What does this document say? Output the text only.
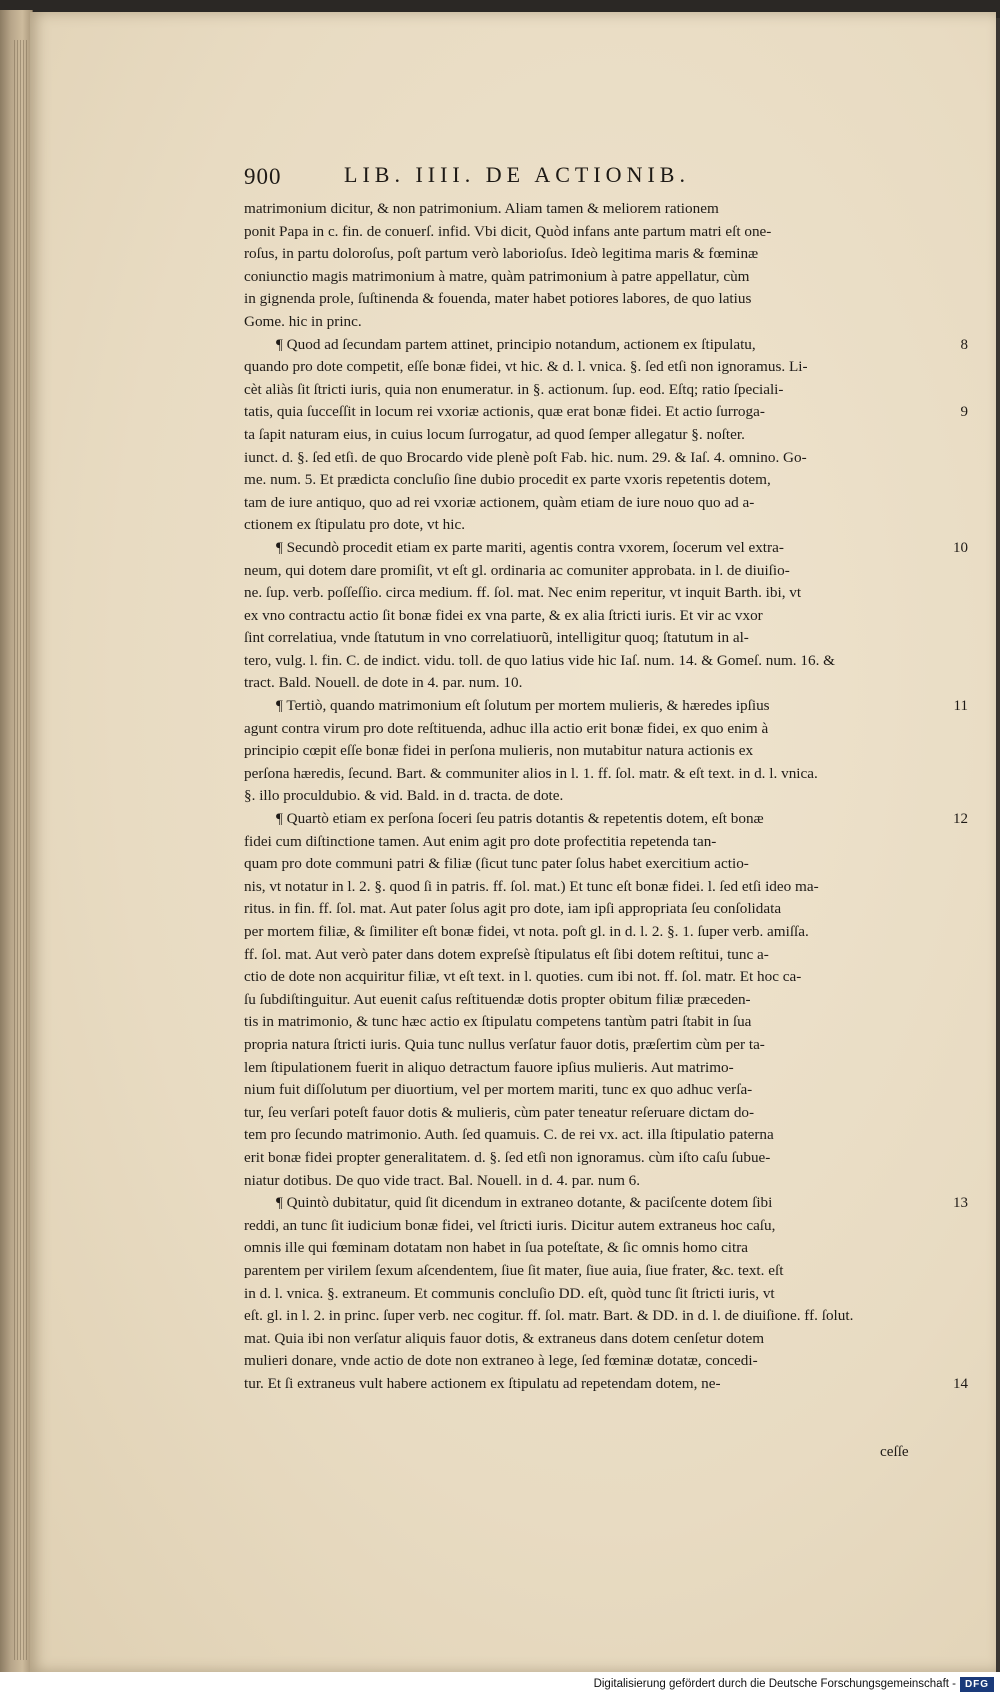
900	LIB. IIII. DE ACTIONIB.
matrimonium dicitur, & non patrimonium. Aliam tamen & meliorem rationem
ponit Papa in c. fin. de conuerſ. infid. Vbi dicit, Quòd infans ante partum matri eſt one-
roſus, in partu doloroſus, poſt partum verò laborioſus. Ideò legitima maris & fœminæ
coniunctio magis matrimonium à matre, quàm patrimonium à patre appellatur, cùm
in gignenda prole, ſuſtinenda & fouenda, mater habet potiores labores, de quo latius
Gome. hic in princ.
¶ Quod ad ſecundam partem attinet, principio notandum, actionem ex ſtipulatu,	8
quando pro dote competit, eſſe bonæ fidei, vt hic. & d. l. vnica. §. ſed etſi non ignoramus. Li-
cèt aliàs ſit ſtricti iuris, quia non enumeratur. in §. actionum. ſup. eod. Eſtq; ratio ſpeciali-
tatis, quia ſucceſſit in locum rei vxoriæ actionis, quæ erat bonæ fidei. Et actio ſurroga-	9
ta ſapit naturam eius, in cuius locum ſurrogatur, ad quod ſemper allegatur §. noſter.
iunct. d. §. ſed etſi. de quo Brocardo vide plenè poſt Fab. hic. num. 29. & Iaſ. 4. omnino. Go-
me. num. 5. Et prædicta concluſio ſine dubio procedit ex parte vxoris repetentis dotem,
tam de iure antiquo, quo ad rei vxoriæ actionem, quàm etiam de iure nouo quo ad a-
ctionem ex ſtipulatu pro dote, vt hic.
¶ Secundò procedit etiam ex parte mariti, agentis contra vxorem, ſocerum vel extra-	10
neum, qui dotem dare promiſit, vt eſt gl. ordinaria ac comuniter approbata. in l. de diuiſio-
ne. ſup. verb. poſſeſſio. circa medium. ff. ſol. mat. Nec enim reperitur, vt inquit Barth. ibi, vt
ex vno contractu actio ſit bonæ fidei ex vna parte, & ex alia ſtricti iuris. Et vir ac vxor
ſint correlatiua, vnde ſtatutum in vno correlatiuorũ, intelligitur quoq; ſtatutum in al-
tero, vulg. l. fin. C. de indict. vidu. toll. de quo latius vide hic Iaſ. num. 14. & Gomeſ. num. 16. &
tract. Bald. Nouell. de dote in 4. par. num. 10.
¶ Tertiò, quando matrimonium eſt ſolutum per mortem mulieris, & hæredes ipſius	11
agunt contra virum pro dote reſtituenda, adhuc illa actio erit bonæ fidei, ex quo enim à
principio cœpit eſſe bonæ fidei in perſona mulieris, non mutabitur natura actionis ex
perſona hæredis, ſecund. Bart. & communiter alios in l. 1. ff. ſol. matr. & eſt text. in d. l. vnica.
§. illo proculdubio. & vid. Bald. in d. tracta. de dote.
¶ Quartò etiam ex perſona ſoceri ſeu patris dotantis & repetentis dotem, eſt bonæ	12
fidei cum diſtinctione tamen. Aut enim agit pro dote profectitia repetenda tan-
quam pro dote communi patri & filiæ (ſicut tunc pater ſolus habet exercitium actio-
nis, vt notatur in l. 2. §. quod ſi in patris. ff. ſol. mat.) Et tunc eſt bonæ fidei. l. ſed etſi ideo ma-
ritus. in fin. ff. ſol. mat. Aut pater ſolus agit pro dote, iam ipſi appropriata ſeu conſolidata
per mortem filiæ, & ſimiliter eſt bonæ fidei, vt nota. poſt gl. in d. l. 2. §. 1. ſuper verb. amiſſa.
ff. ſol. mat. Aut verò pater dans dotem expreſsè ſtipulatus eſt ſibi dotem reſtitui, tunc a-
ctio de dote non acquiritur filiæ, vt eſt text. in l. quoties. cum ibi not. ff. ſol. matr. Et hoc ca-
ſu ſubdiſtinguitur. Aut euenit caſus reſtituendæ dotis propter obitum filiæ præceden-
tis in matrimonio, & tunc hæc actio ex ſtipulatu competens tantùm patri ſtabit in ſua
propria natura ſtricti iuris. Quia tunc nullus verſatur fauor dotis, præſertim cùm per ta-
lem ſtipulationem fuerit in aliquo detractum fauore ipſius mulieris. Aut matrimo-
nium fuit diſſolutum per diuortium, vel per mortem mariti, tunc ex quo adhuc verſa-
tur, ſeu verſari poteſt fauor dotis & mulieris, cùm pater teneatur reſeruare dictam do-
tem pro ſecundo matrimonio. Auth. ſed quamuis. C. de rei vx. act. illa ſtipulatio paterna
erit bonæ fidei propter generalitatem. d. §. ſed etſi non ignoramus. cùm iſto caſu ſubue-
niatur dotibus. De quo vide tract. Bal. Nouell. in d. 4. par. num 6.
¶ Quintò dubitatur, quid ſit dicendum in extraneo dotante, & paciſcente dotem ſibi	13
reddi, an tunc ſit iudicium bonæ fidei, vel ſtricti iuris. Dicitur autem extraneus hoc caſu,
omnis ille qui fœminam dotatam non habet in ſua poteſtate, & ſic omnis homo citra
parentem per virilem ſexum aſcendentem, ſiue ſit mater, ſiue auia, ſiue frater, &c. text. eſt
in d. l. vnica. §. extraneum. Et communis concluſio DD. eſt, quòd tunc ſit ſtricti iuris, vt
eſt. gl. in l. 2. in princ. ſuper verb. nec cogitur. ff. ſol. matr. Bart. & DD. in d. l. de diuiſione. ff. ſolut.
mat. Quia ibi non verſatur aliquis fauor dotis, & extraneus dans dotem cenſetur dotem
mulieri donare, vnde actio de dote non extraneo à lege, ſed fœminæ dotatæ, concedi-
tur. Et ſi extraneus vult habere actionem ex ſtipulatu ad repetendam dotem, ne-	14
ceſſe
Digitalisierung gefördert durch die Deutsche Forschungsgemeinschaft - DFG
